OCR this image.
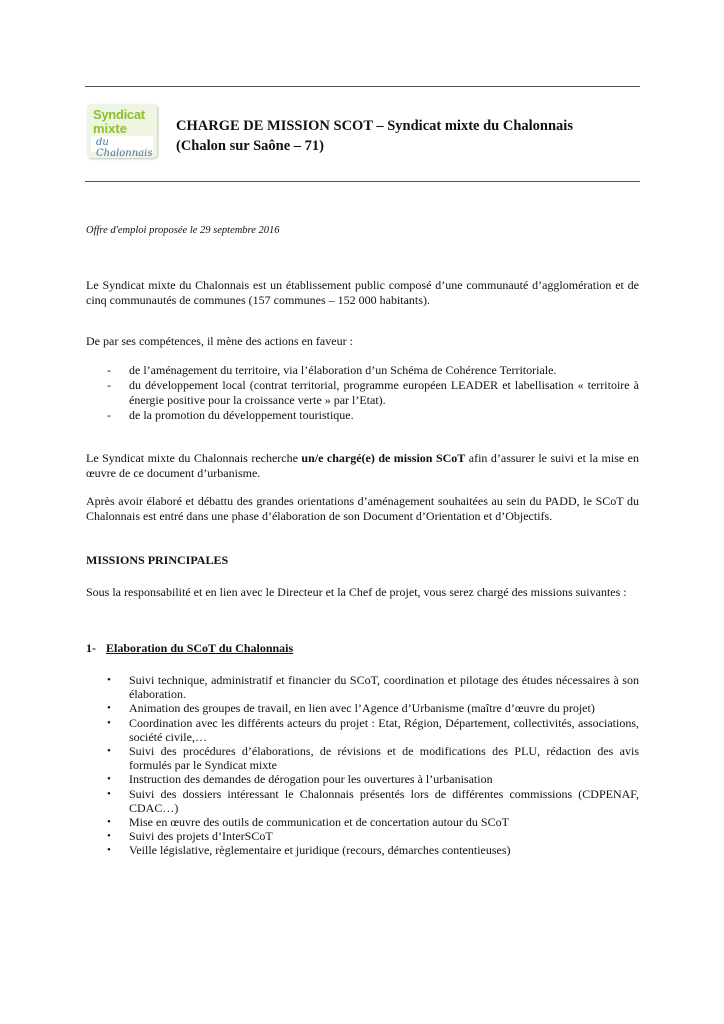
Syndicat
mixte
du Chalonnais
CHARGE DE MISSION SCOT – Syndicat mixte du Chalonnais
(Chalon sur Saône – 71)
Offre d'emploi proposée le 29 septembre 2016
Le Syndicat mixte du Chalonnais est un établissement public composé d’une communauté d’agglomération et de cinq communautés de communes (157 communes – 152 000 habitants).
De par ses compétences, il mène des actions en faveur :
- de l’aménagement du territoire, via l’élaboration d’un Schéma de Cohérence Territoriale.
- du développement local (contrat territorial, programme européen LEADER et labellisation « territoire à énergie positive pour la croissance verte » par l’Etat).
- de la promotion du développement touristique.
Le Syndicat mixte du Chalonnais recherche un/e chargé(e) de mission SCoT afin d’assurer le suivi et la mise en œuvre de ce document d’urbanisme.
Après avoir élaboré et débattu des grandes orientations d’aménagement souhaitées au sein du PADD, le SCoT du Chalonnais est entré dans une phase d’élaboration de son Document d’Orientation et d’Objectifs.
MISSIONS PRINCIPALES
Sous la responsabilité et en lien avec le Directeur et la Chef de projet, vous serez chargé des missions suivantes :
1- Elaboration du SCoT du Chalonnais
• Suivi technique, administratif et financier du SCoT, coordination et pilotage des études nécessaires à son élaboration.
• Animation des groupes de travail, en lien avec l’Agence d’Urbanisme (maître d’œuvre du projet)
• Coordination avec les différents acteurs du projet : Etat, Région, Département, collectivités, associations, société civile,…
• Suivi des procédures d’élaborations, de révisions et de modifications des PLU, rédaction des avis formulés par le Syndicat mixte
• Instruction des demandes de dérogation pour les ouvertures à l’urbanisation
• Suivi des dossiers intéressant le Chalonnais présentés lors de différentes commissions (CDPENAF, CDAC…)
• Mise en œuvre des outils de communication et de concertation autour du SCoT
• Suivi des projets d’InterSCoT
• Veille législative, règlementaire et juridique (recours, démarches contentieuses)
